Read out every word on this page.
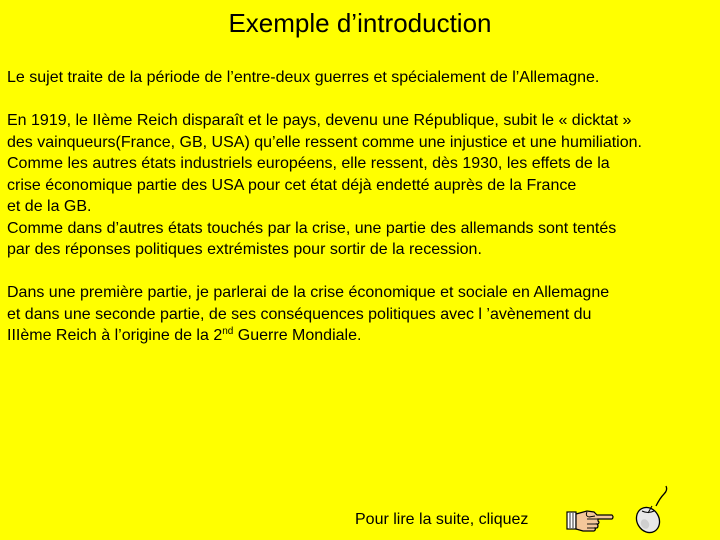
Exemple d’introduction

Le sujet traite de la période de l’entre-deux guerres et spécialement de l’Allemagne.

En 1919, le IIème Reich disparaît et le pays, devenu une République, subit le « dicktat »
des vainqueurs(France, GB, USA) qu’elle ressent comme une injustice et une humiliation.
Comme les autres états industriels européens, elle ressent, dès 1930, les effets de la
crise économique partie des USA pour cet état déjà endetté auprès de la France
et de la GB.
Comme dans d’autres états touchés par la crise, une partie des allemands sont tentés
par des réponses politiques extrémistes pour sortir de la recession.

Dans une première partie, je parlerai de la crise économique et sociale en Allemagne
et dans une seconde partie, de ses conséquences politiques avec l ’avènement du
IIIème Reich à l’origine de la 2nd Guerre Mondiale.

Pour lire la suite, cliquez
